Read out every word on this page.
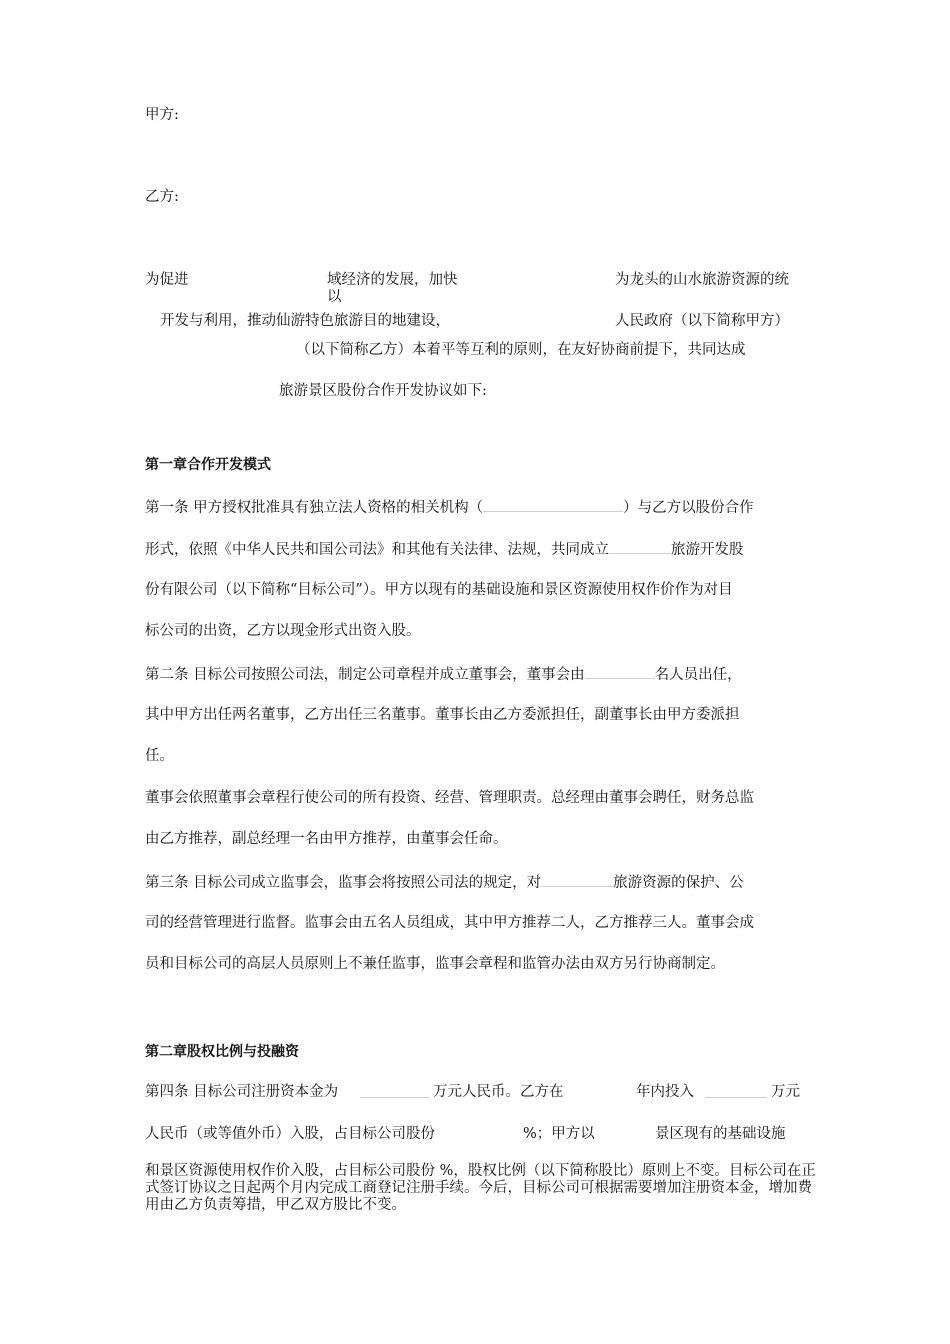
甲方:
乙方:
为促进	域经济的发展，加快
以
为龙头的山水旅游资源的统
开发与利用，推动仙游特色旅游目的地建设，	人民政府（以下简称甲方）
（以下简称乙方）本着平等互利的原则，在友好协商前提下，共同达成
旅游景区股份合作开发协议如下:
第一章合作开发模式
第一条 甲方授权批准具有独立法人资格的相关机构（	）与乙方以股份合作
形式，依照《中华人民共和国公司法》和其他有关法律、法规，共同成立	旅游开发股
份有限公司（以下简称“目标公司”）。甲方以现有的基础设施和景区资源使用权作价作为对目
标公司的出资，乙方以现金形式出资入股。
第二条 目标公司按照公司法，制定公司章程并成立董事会，董事会由	名人员出任，
其中甲方出任两名董事，乙方出任三名董事。董事长由乙方委派担任，副董事长由甲方委派担
任。
董事会依照董事会章程行使公司的所有投资、经营、管理职责。总经理由董事会聘任，财务总监
由乙方推荐，副总经理一名由甲方推荐，由董事会任命。
第三条 目标公司成立监事会，监事会将按照公司法的规定，对	旅游资源的保护、公
司的经营管理进行监督。监事会由五名人员组成，其中甲方推荐二人，乙方推荐三人。董事会成
员和目标公司的高层人员原则上不兼任监事，监事会章程和监管办法由双方另行协商制定。
第二章股权比例与投融资
第四条 目标公司注册资本金为	万元人民币。乙方在	年内投入	万元
人民币（或等值外币）入股，占目标公司股份	%；甲方以	景区现有的基础设施
和景区资源使用权作价入股，占目标公司股份 %，股权比例（以下简称股比）原则上不变。目标公司在正式签订协议之日起两个月内完成工商登记注册手续。今后，目标公司可根据需要增加注册资本金，增加费用由乙方负责筹措，甲乙双方股比不变。
